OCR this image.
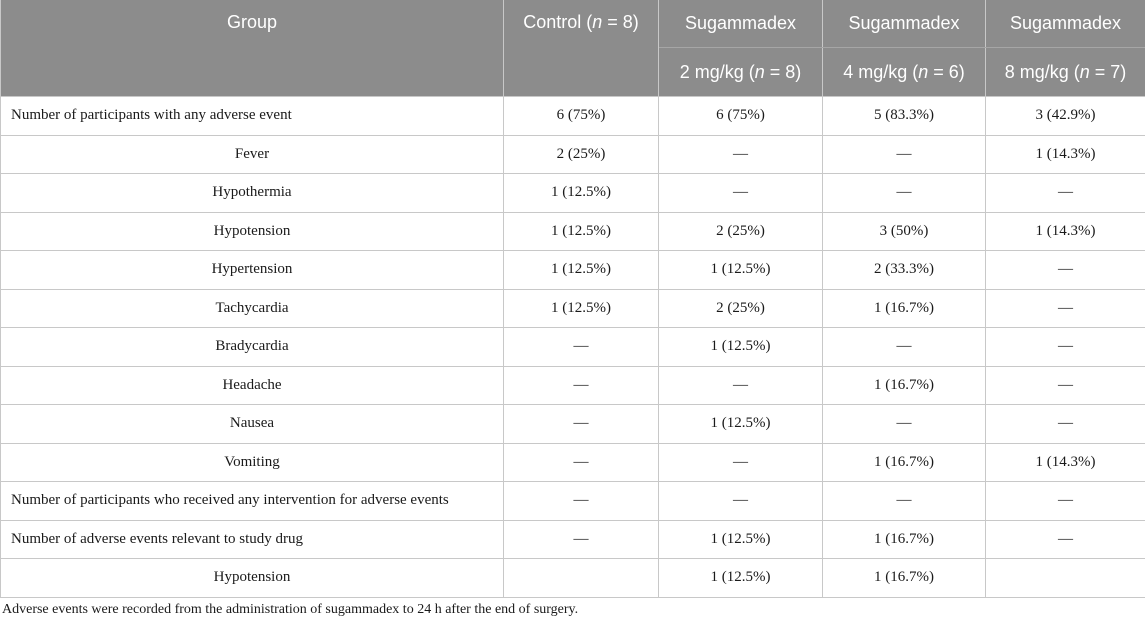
Group	Control (n = 8)	Sugammadex	Sugammadex	Sugammadex
		2 mg/kg (n = 8)	4 mg/kg (n = 6)	8 mg/kg (n = 7)
Number of participants with any adverse event	6 (75%)	6 (75%)	5 (83.3%)	3 (42.9%)
Fever	2 (25%)	—	—	1 (14.3%)
Hypothermia	1 (12.5%)	—	—	—
Hypotension	1 (12.5%)	2 (25%)	3 (50%)	1 (14.3%)
Hypertension	1 (12.5%)	1 (12.5%)	2 (33.3%)	—
Tachycardia	1 (12.5%)	2 (25%)	1 (16.7%)	—
Bradycardia	—	1 (12.5%)	—	—
Headache	—	—	1 (16.7%)	—
Nausea	—	1 (12.5%)	—	—
Vomiting	—	—	1 (16.7%)	1 (14.3%)
Number of participants who received any intervention for adverse events	—	—	—	—
Number of adverse events relevant to study drug	—	1 (12.5%)	1 (16.7%)	—
Hypotension		1 (12.5%)	1 (16.7%)	
Adverse events were recorded from the administration of sugammadex to 24 h after the end of surgery.
